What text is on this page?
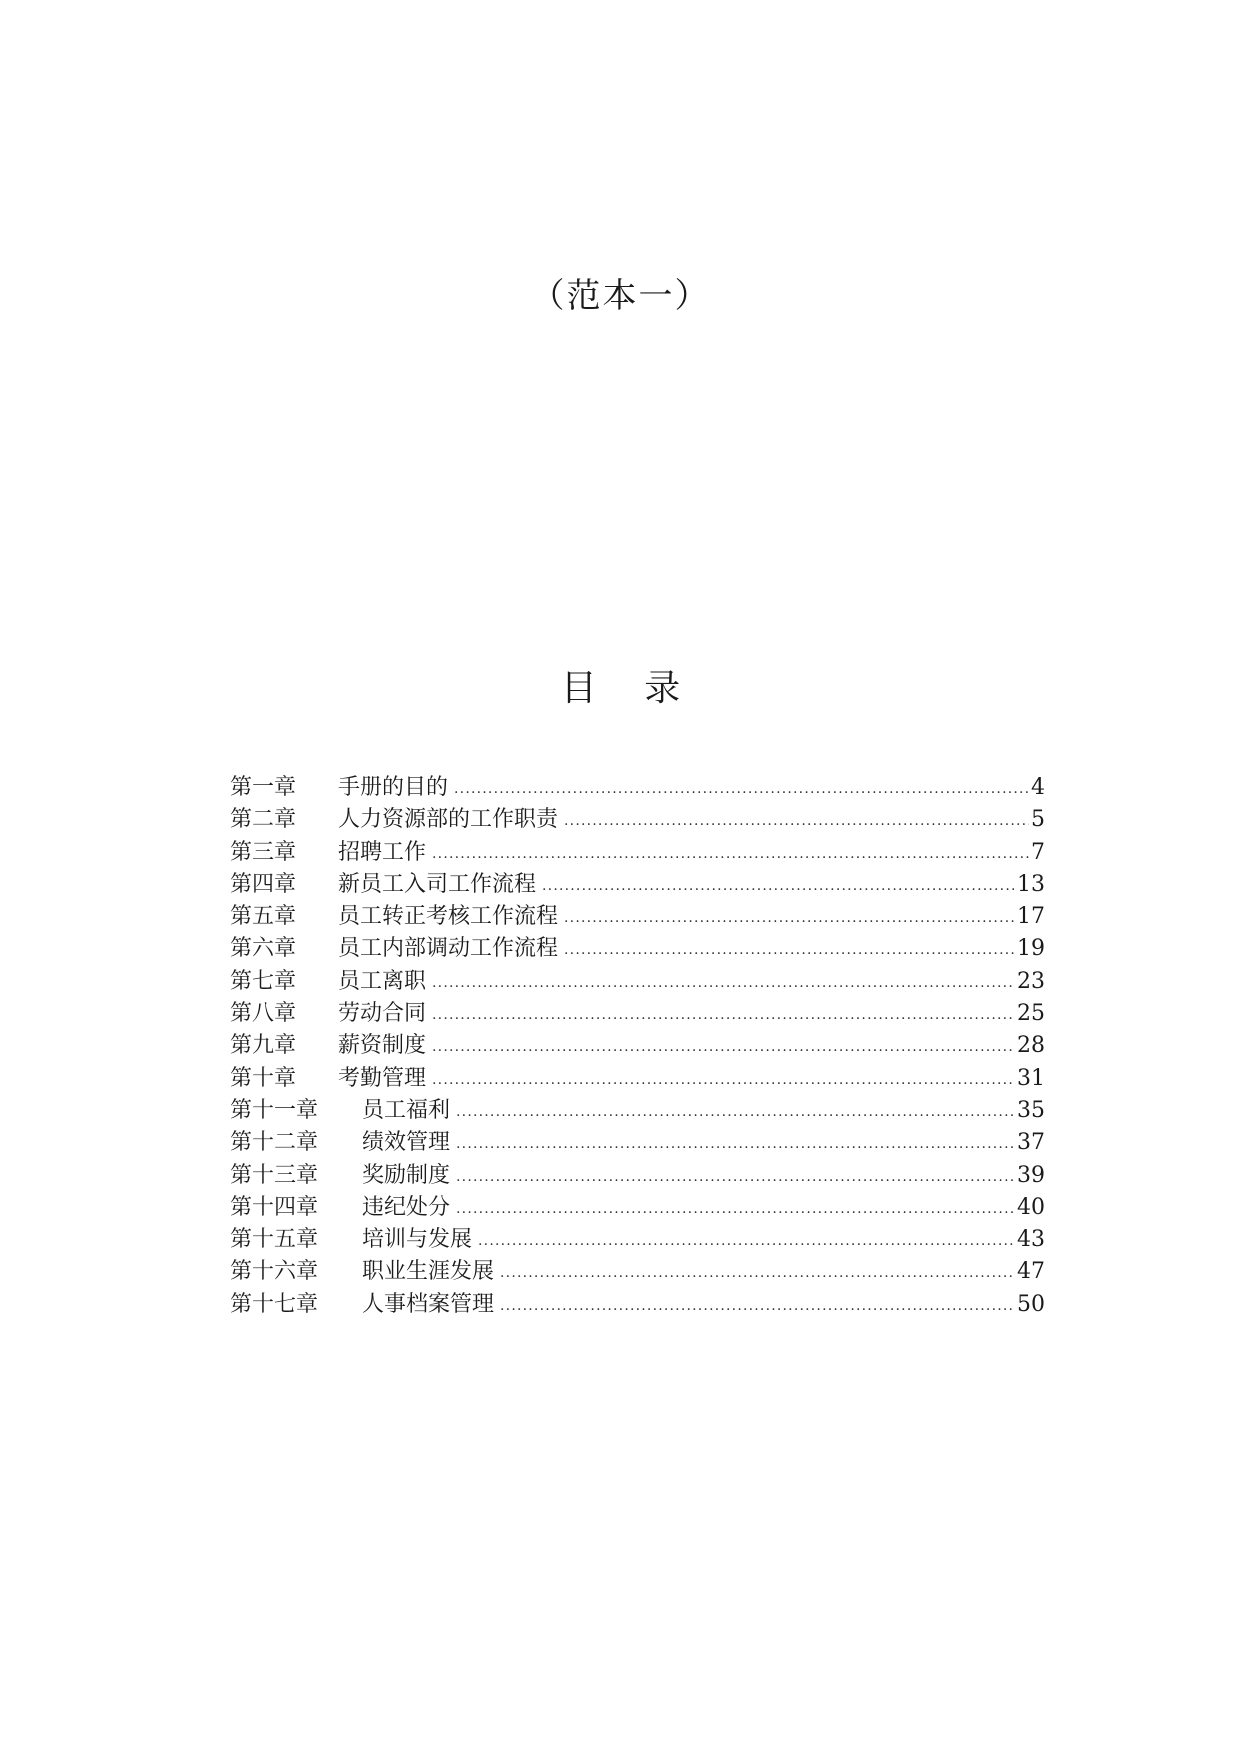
（范本一）
目 录
第一章	手册的目的 .....	4
第二章	人力资源部的工作职责 .....	5
第三章	招聘工作 .....	7
第四章	新员工入司工作流程 .....	13
第五章	员工转正考核工作流程 .....	17
第六章	员工内部调动工作流程 .....	19
第七章	员工离职 .....	23
第八章	劳动合同 .....	25
第九章	薪资制度 .....	28
第十章	考勤管理 .....	31
第十一章	员工福利 .....	35
第十二章	绩效管理 .....	37
第十三章	奖励制度 .....	39
第十四章	违纪处分 .....	40
第十五章	培训与发展 .....	43
第十六章	职业生涯发展 .....	47
第十七章	人事档案管理 .....	50
